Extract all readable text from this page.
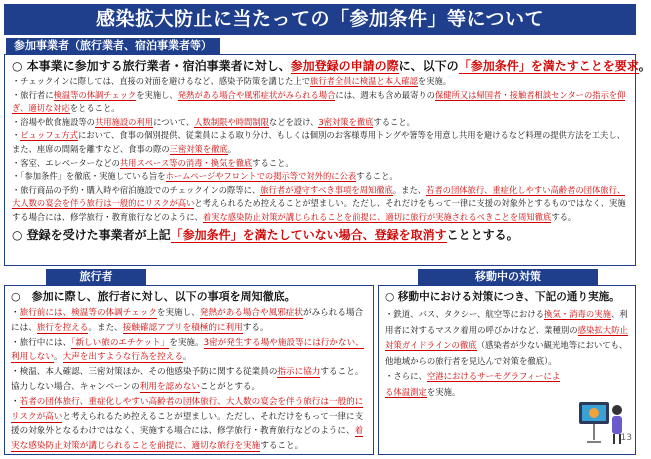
感染拡大防止に当たっての「参加条件」等について
参加事業者（旅行業者、宿泊事業者等）
○ 本事業に参加する旅行業者・宿泊事業者に対し、参加登録の申請の際に、以下の「参加条件」を満たすことを要求。
・チェックインに際しては、直接の対面を避けるなど、感染予防策を講じた上で旅行者全員に検温と本人確認を実施。
・旅行者に検温等の体調チェックを実施し、発熱がある場合や風邪症状がみられる場合には、週末も含め最寄りの保健所又は帰国者・接触者相談センターの指示を仰ぎ、適切な対応をとること。
・浴場や飲食施設等の共用施設の利用について、人数制限や時間制限などを設け、3密対策を徹底すること。
・ビュッフェ方式において、食事の個別提供、従業員による取り分け、もしくは個別のお客様専用トングや箸等を用意し共用を避けるなど料理の提供方法を工夫し、また、座席の間隔を離すなど、食事の際の三密対策を徹底。
・客室、エレベーターなどの共用スペース等の消毒・換気を徹底すること。
・「参加条件」を徹底・実施している旨をホームページやフロントでの掲示等で対外的に公表すること。
・旅行商品の予約・購入時や宿泊施設でのチェックインの際等に、旅行者が遵守すべき事項を周知徹底。また、若者の団体旅行、重症化しやすい高齢者の団体旅行、大人数の宴会を伴う旅行は一般的にリスクが高いと考えられるため控えることが望ましい。ただし、それだけをもって一律に支援の対象外とするものではなく、実施する場合には、修学旅行・教育旅行などのように、着実な感染防止対策が講じられることを前提に、適切に旅行が実施されるべきことを周知徹底する。
○ 登録を受けた事業者が上記「参加条件」を満たしていない場合、登録を取消すこととする。
旅行者
○　参加に際し、旅行者に対し、以下の事項を周知徹底。
・旅行前には、検温等の体調チェックを実施し、発熱がある場合や風邪症状がみられる場合には、旅行を控える。また、接触確認アプリを積極的に利用する。
・旅行中には、「新しい旅のエチケット」を実施。3密が発生する場や施設等には行かない、利用しない。大声を出すような行為を控える。
・検温、本人確認、三密対策ほか、その他感染予防に関する従業員の指示に協力すること。協力しない場合、キャンペーンの利用を認めないことがとする。
・若者の団体旅行、重症化しやすい高齢者の団体旅行、大人数の宴会を伴う旅行は一般的にリスクが高いと考えられるため控えることが望ましい。ただし、それだけをもって一律に支援の対象外となるわけではなく、実施する場合には、修学旅行・教育旅行などのように、着実な感染防止対策が講じられることを前提に、適切な旅行を実施すること。
移動中の対策
○ 移動中における対策につき、下記の通り実施。
・鉄道、バス、タクシー、航空等における換気・消毒の実施、利用者に対するマスク着用の呼びかけなど、業種別の感染拡大防止対策ガイドラインの徹底（感染者が少ない観光地等においても、他地域からの旅行者を見込んで対策を徹底）。
・さらに、空港におけるサーモグラフィーによる体温測定を実施。
13
